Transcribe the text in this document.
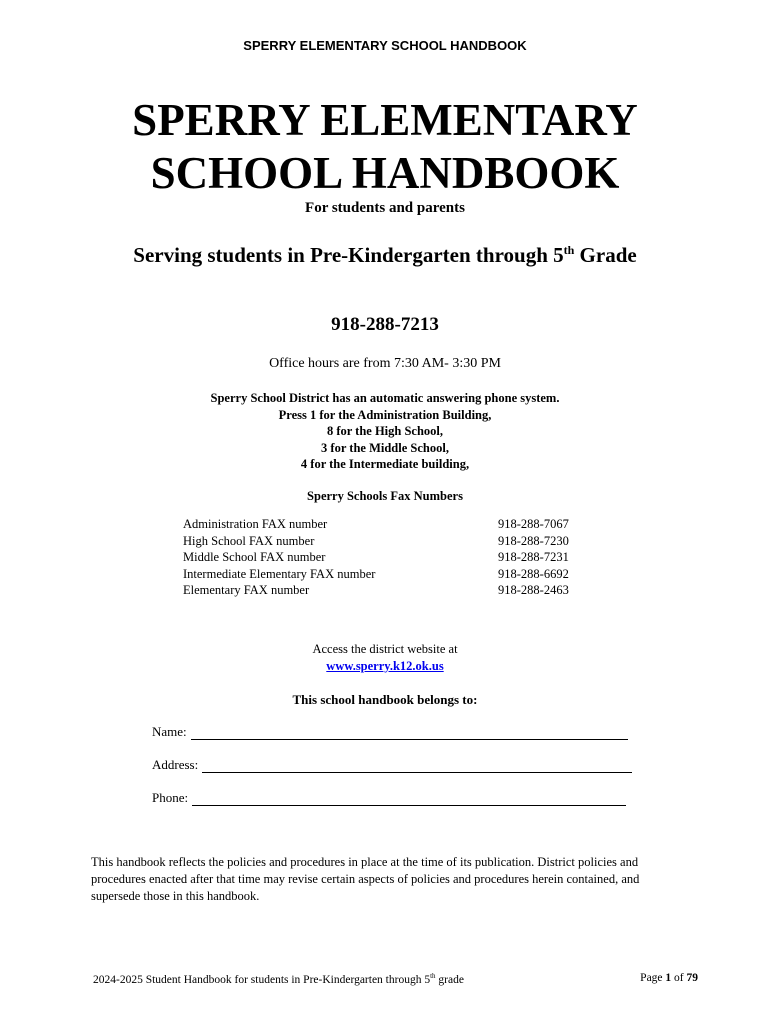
SPERRY ELEMENTARY SCHOOL HANDBOOK
SPERRY ELEMENTARY
SCHOOL HANDBOOK
For students and parents
Serving students in Pre-Kindergarten through 5th Grade
918-288-7213
Office hours are from 7:30 AM- 3:30 PM
Sperry School District has an automatic answering phone system.
Press 1 for the Administration Building,
8 for the High School,
3 for the Middle School,
4 for the Intermediate building,
Sperry Schools Fax Numbers
Administration FAX number	918-288-7067
High School FAX number	918-288-7230
Middle School FAX number	918-288-7231
Intermediate Elementary FAX number	918-288-6692
Elementary FAX number	918-288-2463
Access the district website at
www.sperry.k12.ok.us
This school handbook belongs to:
Name:
Address:
Phone:
This handbook reflects the policies and procedures in place at the time of its publication. District policies and procedures enacted after that time may revise certain aspects of policies and procedures herein contained, and supersede those in this handbook.
2024-2025 Student Handbook for students in Pre-Kindergarten through 5th grade	Page 1 of 79
